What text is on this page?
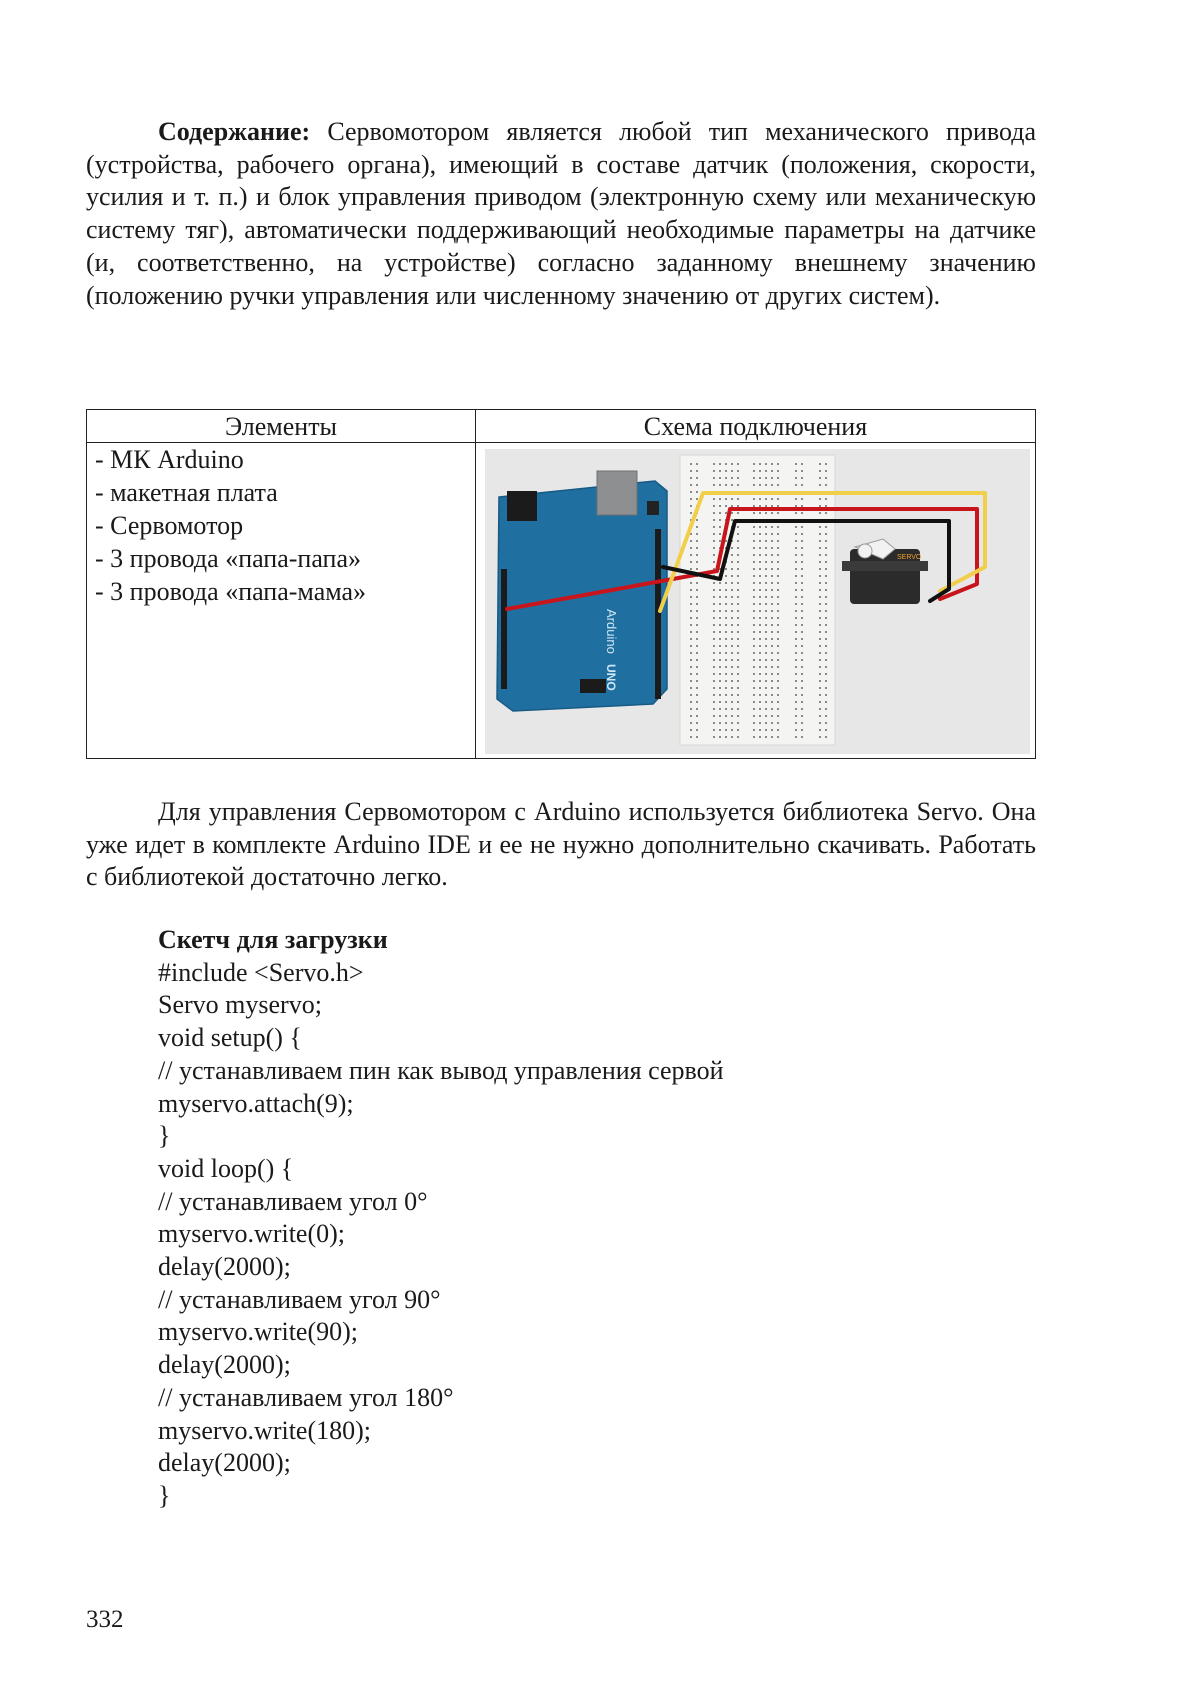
Содержание: Сервомотором является любой тип механического привода (устройства, рабочего органа), имеющий в составе датчик (положения, скорости, усилия и т. п.) и блок управления приводом (электронную схему или механическую систему тяг), автоматически поддерживающий необходимые параметры на датчике (и, соответственно, на устройстве) согласно заданному внешнему значению (положению ручки управления или численному значению от других систем).

Элементы	Схема подключения
- МК Arduino
- макетная плата
- Сервомотор
- 3 провода «папа-папа»
- 3 провода «папа-мама»
Arduino
UNO
SERVO

Для управления Сервомотором с Arduino используется библиотека Servo. Она уже идет в комплекте Arduino IDE и ее не нужно дополнительно скачивать. Работать с библиотекой достаточно легко.

Скетч для загрузки
#include <Servo.h>
Servo myservo;
void setup() {
// устанавливаем пин как вывод управления сервой
myservo.attach(9);
}
void loop() {
// устанавливаем угол 0°
myservo.write(0);
delay(2000);
// устанавливаем угол 90°
myservo.write(90);
delay(2000);
// устанавливаем угол 180°
myservo.write(180);
delay(2000);
}
332
